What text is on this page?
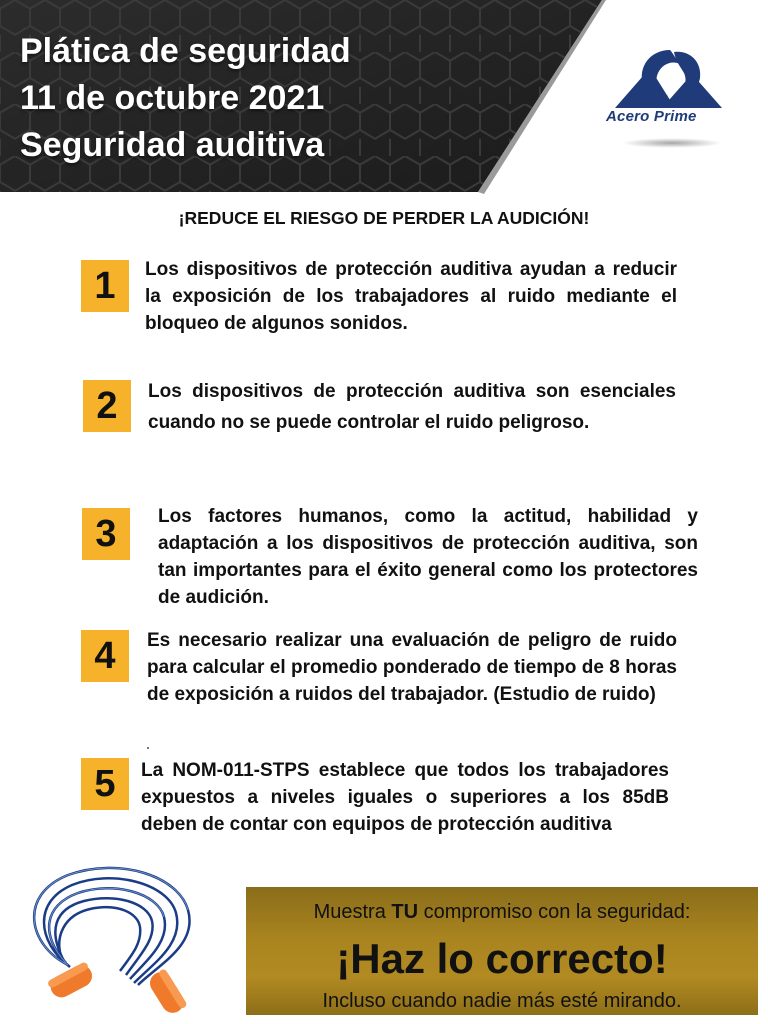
Plática de seguridad
11 de octubre 2021
Seguridad auditiva
Acero Prime
¡REDUCE EL RIESGO DE PERDER LA AUDICIÓN!
1	Los dispositivos de protección auditiva ayudan a reducir la exposición de los trabajadores al ruido mediante el bloqueo de algunos sonidos.
2	Los dispositivos de protección auditiva son esenciales cuando no se puede controlar el ruido peligroso.
3	Los factores humanos, como la actitud, habilidad y adaptación a los dispositivos de protección auditiva, son tan importantes para el éxito general como los protectores de audición.
4	Es necesario realizar una evaluación de peligro de ruido para calcular el promedio ponderado de tiempo de 8 horas de exposición a ruidos del trabajador. (Estudio de ruido)
5	La NOM-011-STPS establece que todos los trabajadores expuestos a niveles iguales o superiores a los 85dB deben de contar con equipos de protección auditiva
Muestra TU compromiso con la seguridad:
¡Haz lo correcto!
Incluso cuando nadie más esté mirando.
